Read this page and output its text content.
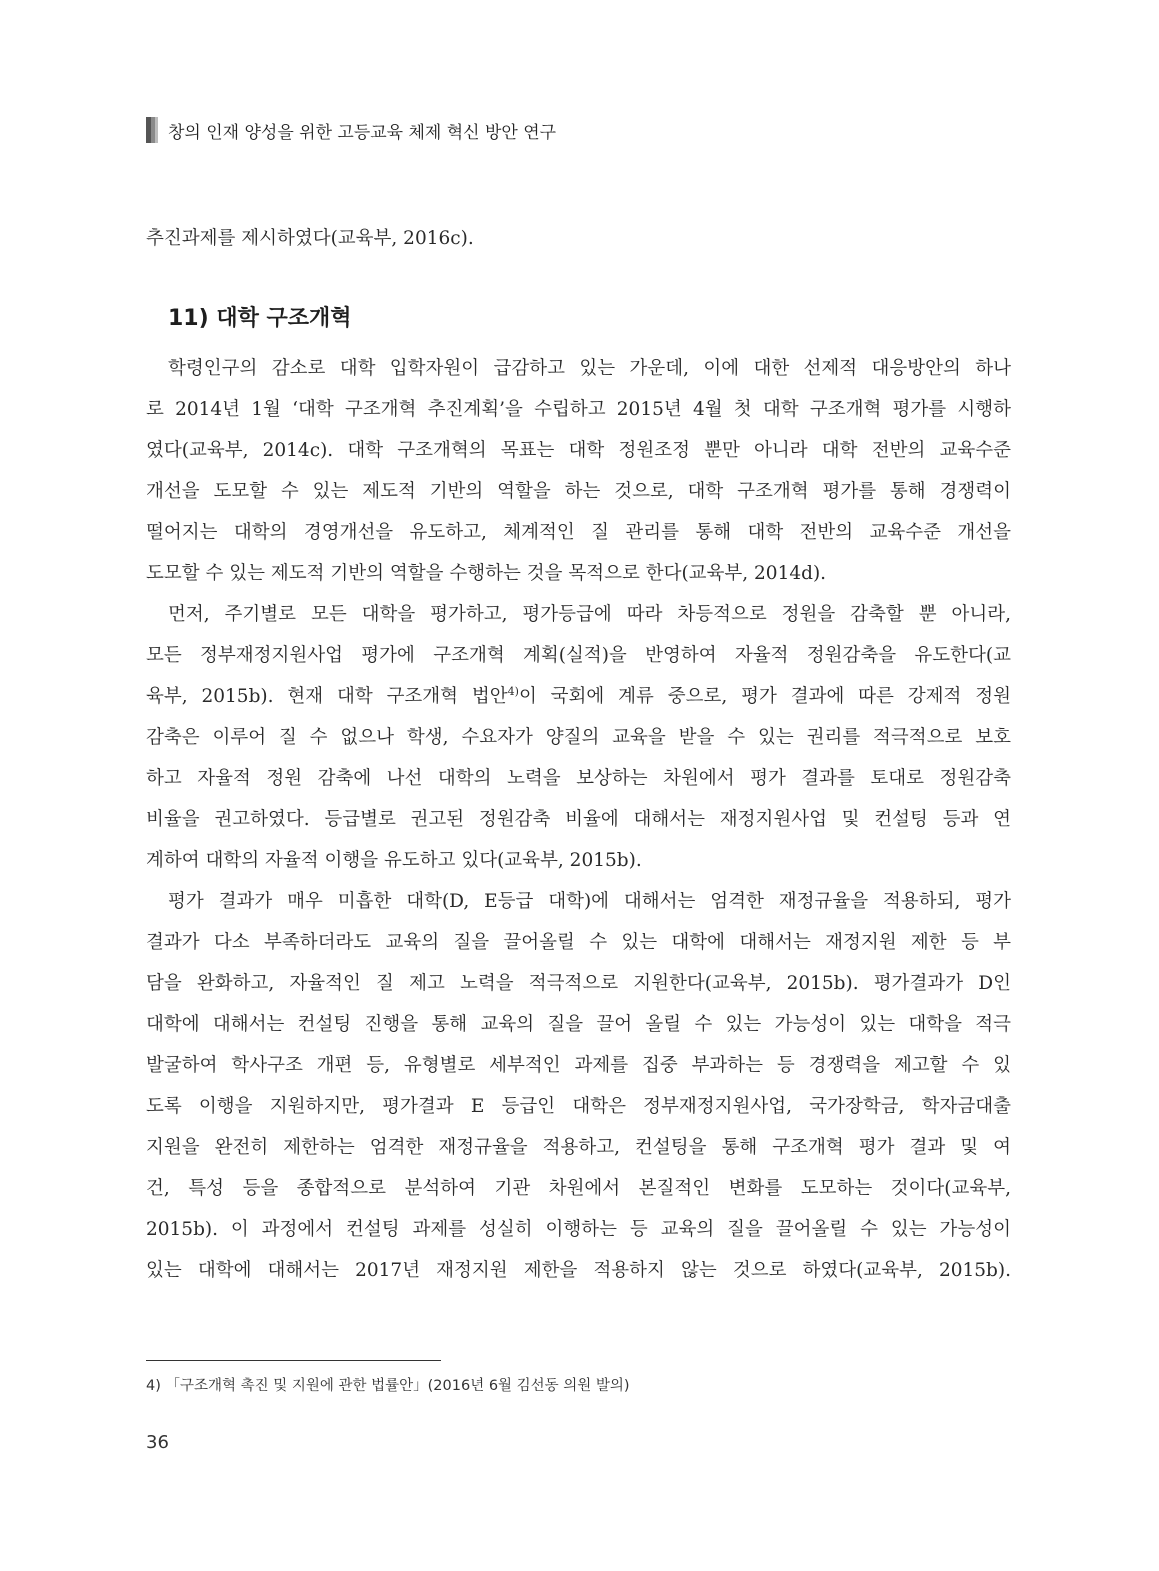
창의 인재 양성을 위한 고등교육 체제 혁신 방안 연구
추진과제를 제시하였다(교육부, 2016c).
11) 대학 구조개혁
학령인구의 감소로 대학 입학자원이 급감하고 있는 가운데, 이에 대한 선제적 대응방안의 하나
로 2014년 1월 ‘대학 구조개혁 추진계획’을 수립하고 2015년 4월 첫 대학 구조개혁 평가를 시행하
였다(교육부, 2014c). 대학 구조개혁의 목표는 대학 정원조정 뿐만 아니라 대학 전반의 교육수준
개선을 도모할 수 있는 제도적 기반의 역할을 하는 것으로, 대학 구조개혁 평가를 통해 경쟁력이
떨어지는 대학의 경영개선을 유도하고, 체계적인 질 관리를 통해 대학 전반의 교육수준 개선을
도모할 수 있는 제도적 기반의 역할을 수행하는 것을 목적으로 한다(교육부, 2014d).
먼저, 주기별로 모든 대학을 평가하고, 평가등급에 따라 차등적으로 정원을 감축할 뿐 아니라,
모든 정부재정지원사업 평가에 구조개혁 계획(실적)을 반영하여 자율적 정원감축을 유도한다(교
육부, 2015b). 현재 대학 구조개혁 법안$^{4)}$이 국회에 계류 중으로, 평가 결과에 따른 강제적 정원
감축은 이루어 질 수 없으나 학생, 수요자가 양질의 교육을 받을 수 있는 권리를 적극적으로 보호
하고 자율적 정원 감축에 나선 대학의 노력을 보상하는 차원에서 평가 결과를 토대로 정원감축
비율을 권고하였다. 등급별로 권고된 정원감축 비율에 대해서는 재정지원사업 및 컨설팅 등과 연
계하여 대학의 자율적 이행을 유도하고 있다(교육부, 2015b).
평가 결과가 매우 미흡한 대학(D, E등급 대학)에 대해서는 엄격한 재정규율을 적용하되, 평가
결과가 다소 부족하더라도 교육의 질을 끌어올릴 수 있는 대학에 대해서는 재정지원 제한 등 부
담을 완화하고, 자율적인 질 제고 노력을 적극적으로 지원한다(교육부, 2015b). 평가결과가 D인
대학에 대해서는 컨설팅 진행을 통해 교육의 질을 끌어 올릴 수 있는 가능성이 있는 대학을 적극
발굴하여 학사구조 개편 등, 유형별로 세부적인 과제를 집중 부과하는 등 경쟁력을 제고할 수 있
도록 이행을 지원하지만, 평가결과 E 등급인 대학은 정부재정지원사업, 국가장학금, 학자금대출
지원을 완전히 제한하는 엄격한 재정규율을 적용하고, 컨설팅을 통해 구조개혁 평가 결과 및 여
건, 특성 등을 종합적으로 분석하여 기관 차원에서 본질적인 변화를 도모하는 것이다(교육부,
2015b). 이 과정에서 컨설팅 과제를 성실히 이행하는 등 교육의 질을 끌어올릴 수 있는 가능성이
있는 대학에 대해서는 2017년 재정지원 제한을 적용하지 않는 것으로 하였다(교육부, 2015b).
4) 「구조개혁 촉진 및 지원에 관한 법률안」(2016년 6월 김선동 의원 발의)
36
